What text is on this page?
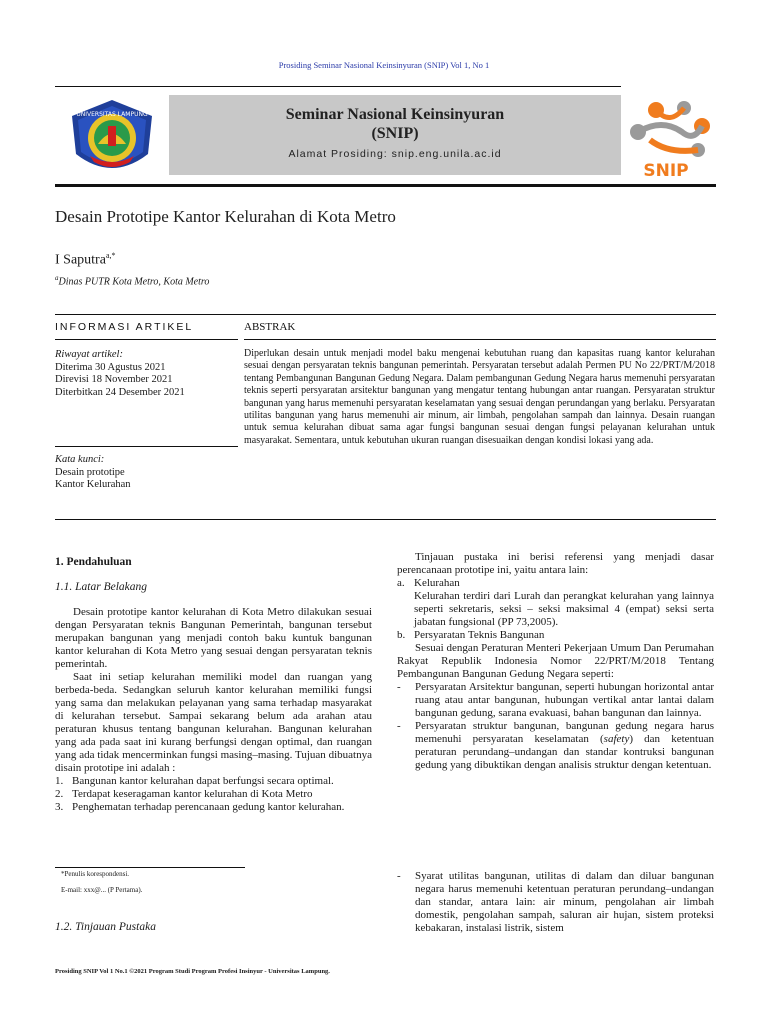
Prosiding Seminar Nasional Keinsinyuran (SNIP) Vol 1, No 1
UNIVERSITAS LAMPUNG	Seminar Nasional Keinsinyuran
(SNIP)
Alamat Prosiding: snip.eng.unila.ac.id
SNIP
Desain Prototipe Kantor Kelurahan di Kota Metro
I Saputra$^{a,*}$
$^a$Dinas PUTR Kota Metro, Kota Metro
INFORMASI ARTIKEL	ABSTRAK
Riwayat artikel:
Diterima 30 Agustus 2021
Direvisi 18 November 2021
Diterbitkan 24 Desember 2021
Kata kunci:
Desain prototipe
Kantor Kelurahan
Diperlukan desain untuk menjadi model baku mengenai kebutuhan ruang dan kapasitas ruang kantor kelurahan sesuai dengan persyaratan teknis bangunan pemerintah. Persyaratan tersebut adalah Permen PU No 22/PRT/M/2018 tentang Pembangunan Bangunan Gedung Negara. Dalam pembangunan Gedung Negara harus memenuhi persyaratan teknis seperti persyaratan arsitektur bangunan yang mengatur tentang hubungan antar ruangan. Persyaratan struktur bangunan yang harus memenuhi persyaratan keselamatan yang sesuai dengan perundangan yang berlaku. Persyaratan utilitas bangunan yang harus memenuhi air minum, air limbah, pengolahan sampah dan lainnya. Desain ruangan untuk semua kelurahan dibuat sama agar fungsi bangunan sesuai dengan fungsi pelayanan kelurahan untuk masyarakat. Sementara, untuk kebutuhan ukuran ruangan disesuaikan dengan kondisi lokasi yang ada.
1. Pendahuluan
1.1. Latar Belakang

Desain prototipe kantor kelurahan di Kota Metro dilakukan sesuai dengan Persyaratan teknis Bangunan Pemerintah, bangunan tersebut merupakan bangunan yang menjadi contoh baku kuntuk bangunan kantor kelurahan di Kota Metro yang sesuai dengan persyaratan teknis pemerintah.

Saat ini setiap kelurahan memiliki model dan ruangan yang berbeda-beda. Sedangkan seluruh kantor kelurahan memiliki fungsi yang sama dan melakukan pelayanan yang sama terhadap masyarakat di kelurahan tersebut. Sampai sekarang belum ada arahan atau peraturan khusus tentang bangunan kelurahan. Bangunan kelurahan yang ada pada saat ini kurang berfungsi dengan optimal, dan ruangan yang ada tidak mencerminkan fungsi masing–masing. Tujuan dibuatnya disain prototipe ini adalah :

1. Bangunan kantor kelurahan dapat berfungsi secara optimal.
2. Terdapat keseragaman kantor kelurahan di Kota Metro
3. Penghematan terhadap perencanaan gedung kantor kelurahan.
*Penulis korespondensi.
E-mail: xxx@... (P Pertama).
1.2. Tinjauan Pustaka

Tinjauan pustaka ini berisi referensi yang menjadi dasar perencanaan prototipe ini, yaitu antara lain:

a. Kelurahan

Kelurahan terdiri dari Lurah dan perangkat kelurahan yang lainnya seperti sekretaris, seksi – seksi maksimal 4 (empat) seksi serta jabatan fungsional (PP 73,2005).

b. Persyaratan Teknis Bangunan

Sesuai dengan Peraturan Menteri Pekerjaan Umum Dan Perumahan Rakyat Republik Indonesia Nomor 22/PRT/M/2018 Tentang Pembangunan Bangunan Gedung Negara seperti:

- Persyaratan Arsitektur bangunan, seperti hubungan horizontal antar ruang atau antar bangunan, hubungan vertikal antar lantai dalam bangunan gedung, sarana evakuasi, bahan bangunan dan lainnya.
- Persyaratan struktur bangunan, bangunan gedung negara harus memenuhi persyaratan keselamatan (safety) dan ketentuan peraturan perundang–undangan dan standar kontruksi bangunan gedung yang dibuktikan dengan analisis struktur dengan ketentuan.
- Syarat utilitas bangunan, utilitas di dalam dan diluar bangunan negara harus memenuhi ketentuan peraturan perundang–undangan dan standar, antara lain: air minum, pengolahan air limbah domestik, pengolahan sampah, saluran air hujan, sistem proteksi kebakaran, instalasi listrik, sistem
Prosiding SNIP Vol 1 No.1 ©2021 Program Studi Program Profesi Insinyur - Universitas Lampung.
